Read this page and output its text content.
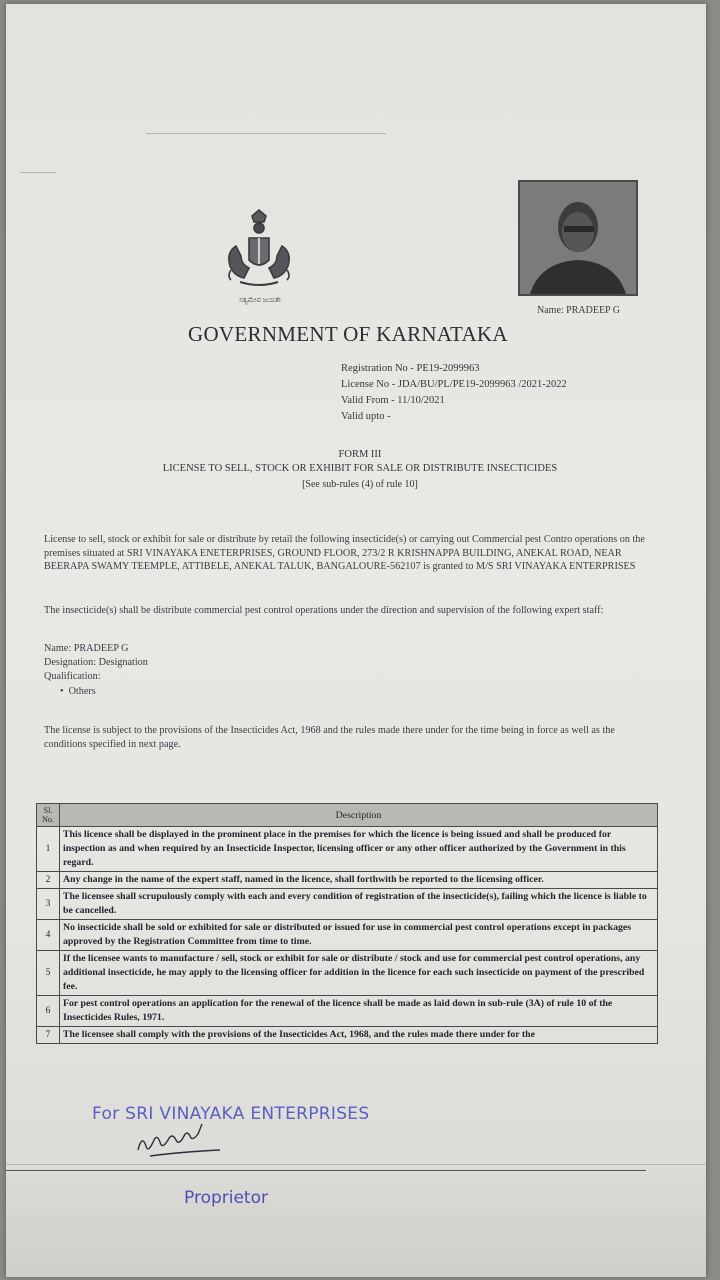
ಸತ್ಯಮೇವ ಜಯತೇ
Name: PRADEEP G
GOVERNMENT OF KARNATAKA
Registration No - PE19-2099963
License No - JDA/BU/PL/PE19-2099963 /2021-2022
Valid From - 11/10/2021
Valid upto -
FORM III
LICENSE TO SELL, STOCK OR EXHIBIT FOR SALE OR DISTRIBUTE INSECTICIDES
[See sub-rules (4) of rule 10]
License to sell, stock or exhibit for sale or distribute by retail the following insecticide(s) or carrying out Commercial pest Contro operations on the premises situated at SRI VINAYAKA ENETERPRISES, GROUND FLOOR, 273/2 R KRISHNAPPA BUILDING, ANEKAL ROAD, NEAR BEERAPA SWAMY TEEMPLE, ATTIBELE, ANEKAL TALUK, BANGALOURE-562107 is granted to M/S SRI VINAYAKA ENTERPRISES
The insecticide(s) shall be distribute commercial pest control operations under the direction and supervision of the following expert staff:
Name: PRADEEP G
Designation: Designation
Qualification:
• Others
The license is subject to the provisions of the Insecticides Act, 1968 and the rules made there under for the time being in force as well as the conditions specified in next page.
Sl. No.	Description
1	This licence shall be displayed in the prominent place in the premises for which the licence is being issued and shall be produced for inspection as and when required by an Insecticide Inspector, licensing officer or any other officer authorized by the Government in this regard.
2	Any change in the name of the expert staff, named in the licence, shall forthwith be reported to the licensing officer.
3	The licensee shall scrupulously comply with each and every condition of registration of the insecticide(s), failing which the licence is liable to be cancelled.
4	No insecticide shall be sold or exhibited for sale or distributed or issued for use in commercial pest control operations except in packages approved by the Registration Committee from time to time.
5	If the licensee wants to manufacture / sell, stock or exhibit for sale or distribute / stock and use for commercial pest control operations, any additional insecticide, he may apply to the licensing officer for addition in the licence for each such insecticide on payment of the prescribed fee.
6	For pest control operations an application for the renewal of the licence shall be made as laid down in sub-rule (3A) of rule 10 of the Insecticides Rules, 1971.
7	The licensee shall comply with the provisions of the Insecticides Act, 1968, and the rules made there under for the
For SRI VINAYAKA ENTERPRISES
Proprietor
